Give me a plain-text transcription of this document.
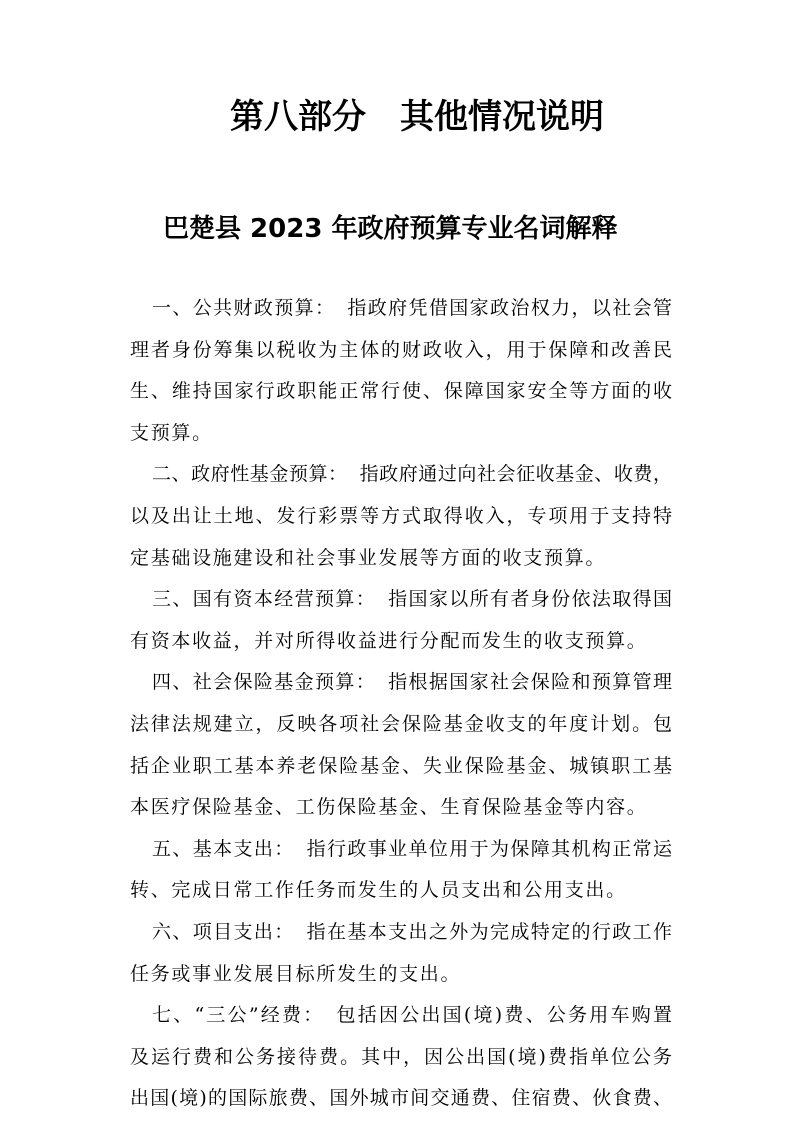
第八部分　其他情况说明
巴楚县 2023 年政府预算专业名词解释
一、公共财政预算： 指政府凭借国家政治权力，以社会管
理者身份筹集以税收为主体的财政收入，用于保障和改善民
生、维持国家行政职能正常行使、保障国家安全等方面的收
支预算。
二、政府性基金预算： 指政府通过向社会征收基金、收费，
以及出让土地、发行彩票等方式取得收入，专项用于支持特
定基础设施建设和社会事业发展等方面的收支预算。
三、国有资本经营预算： 指国家以所有者身份依法取得国
有资本收益，并对所得收益进行分配而发生的收支预算。
四、社会保险基金预算： 指根据国家社会保险和预算管理
法律法规建立，反映各项社会保险基金收支的年度计划。包
括企业职工基本养老保险基金、失业保险基金、城镇职工基
本医疗保险基金、工伤保险基金、生育保险基金等内容。
五、基本支出： 指行政事业单位用于为保障其机构正常运
转、完成日常工作任务而发生的人员支出和公用支出。
六、项目支出： 指在基本支出之外为完成特定的行政工作
任务或事业发展目标所发生的支出。
七、“三公”经费： 包括因公出国(境)费、公务用车购置
及运行费和公务接待费。其中，因公出国(境)费指单位公务
出国(境)的国际旅费、国外城市间交通费、住宿费、伙食费、
